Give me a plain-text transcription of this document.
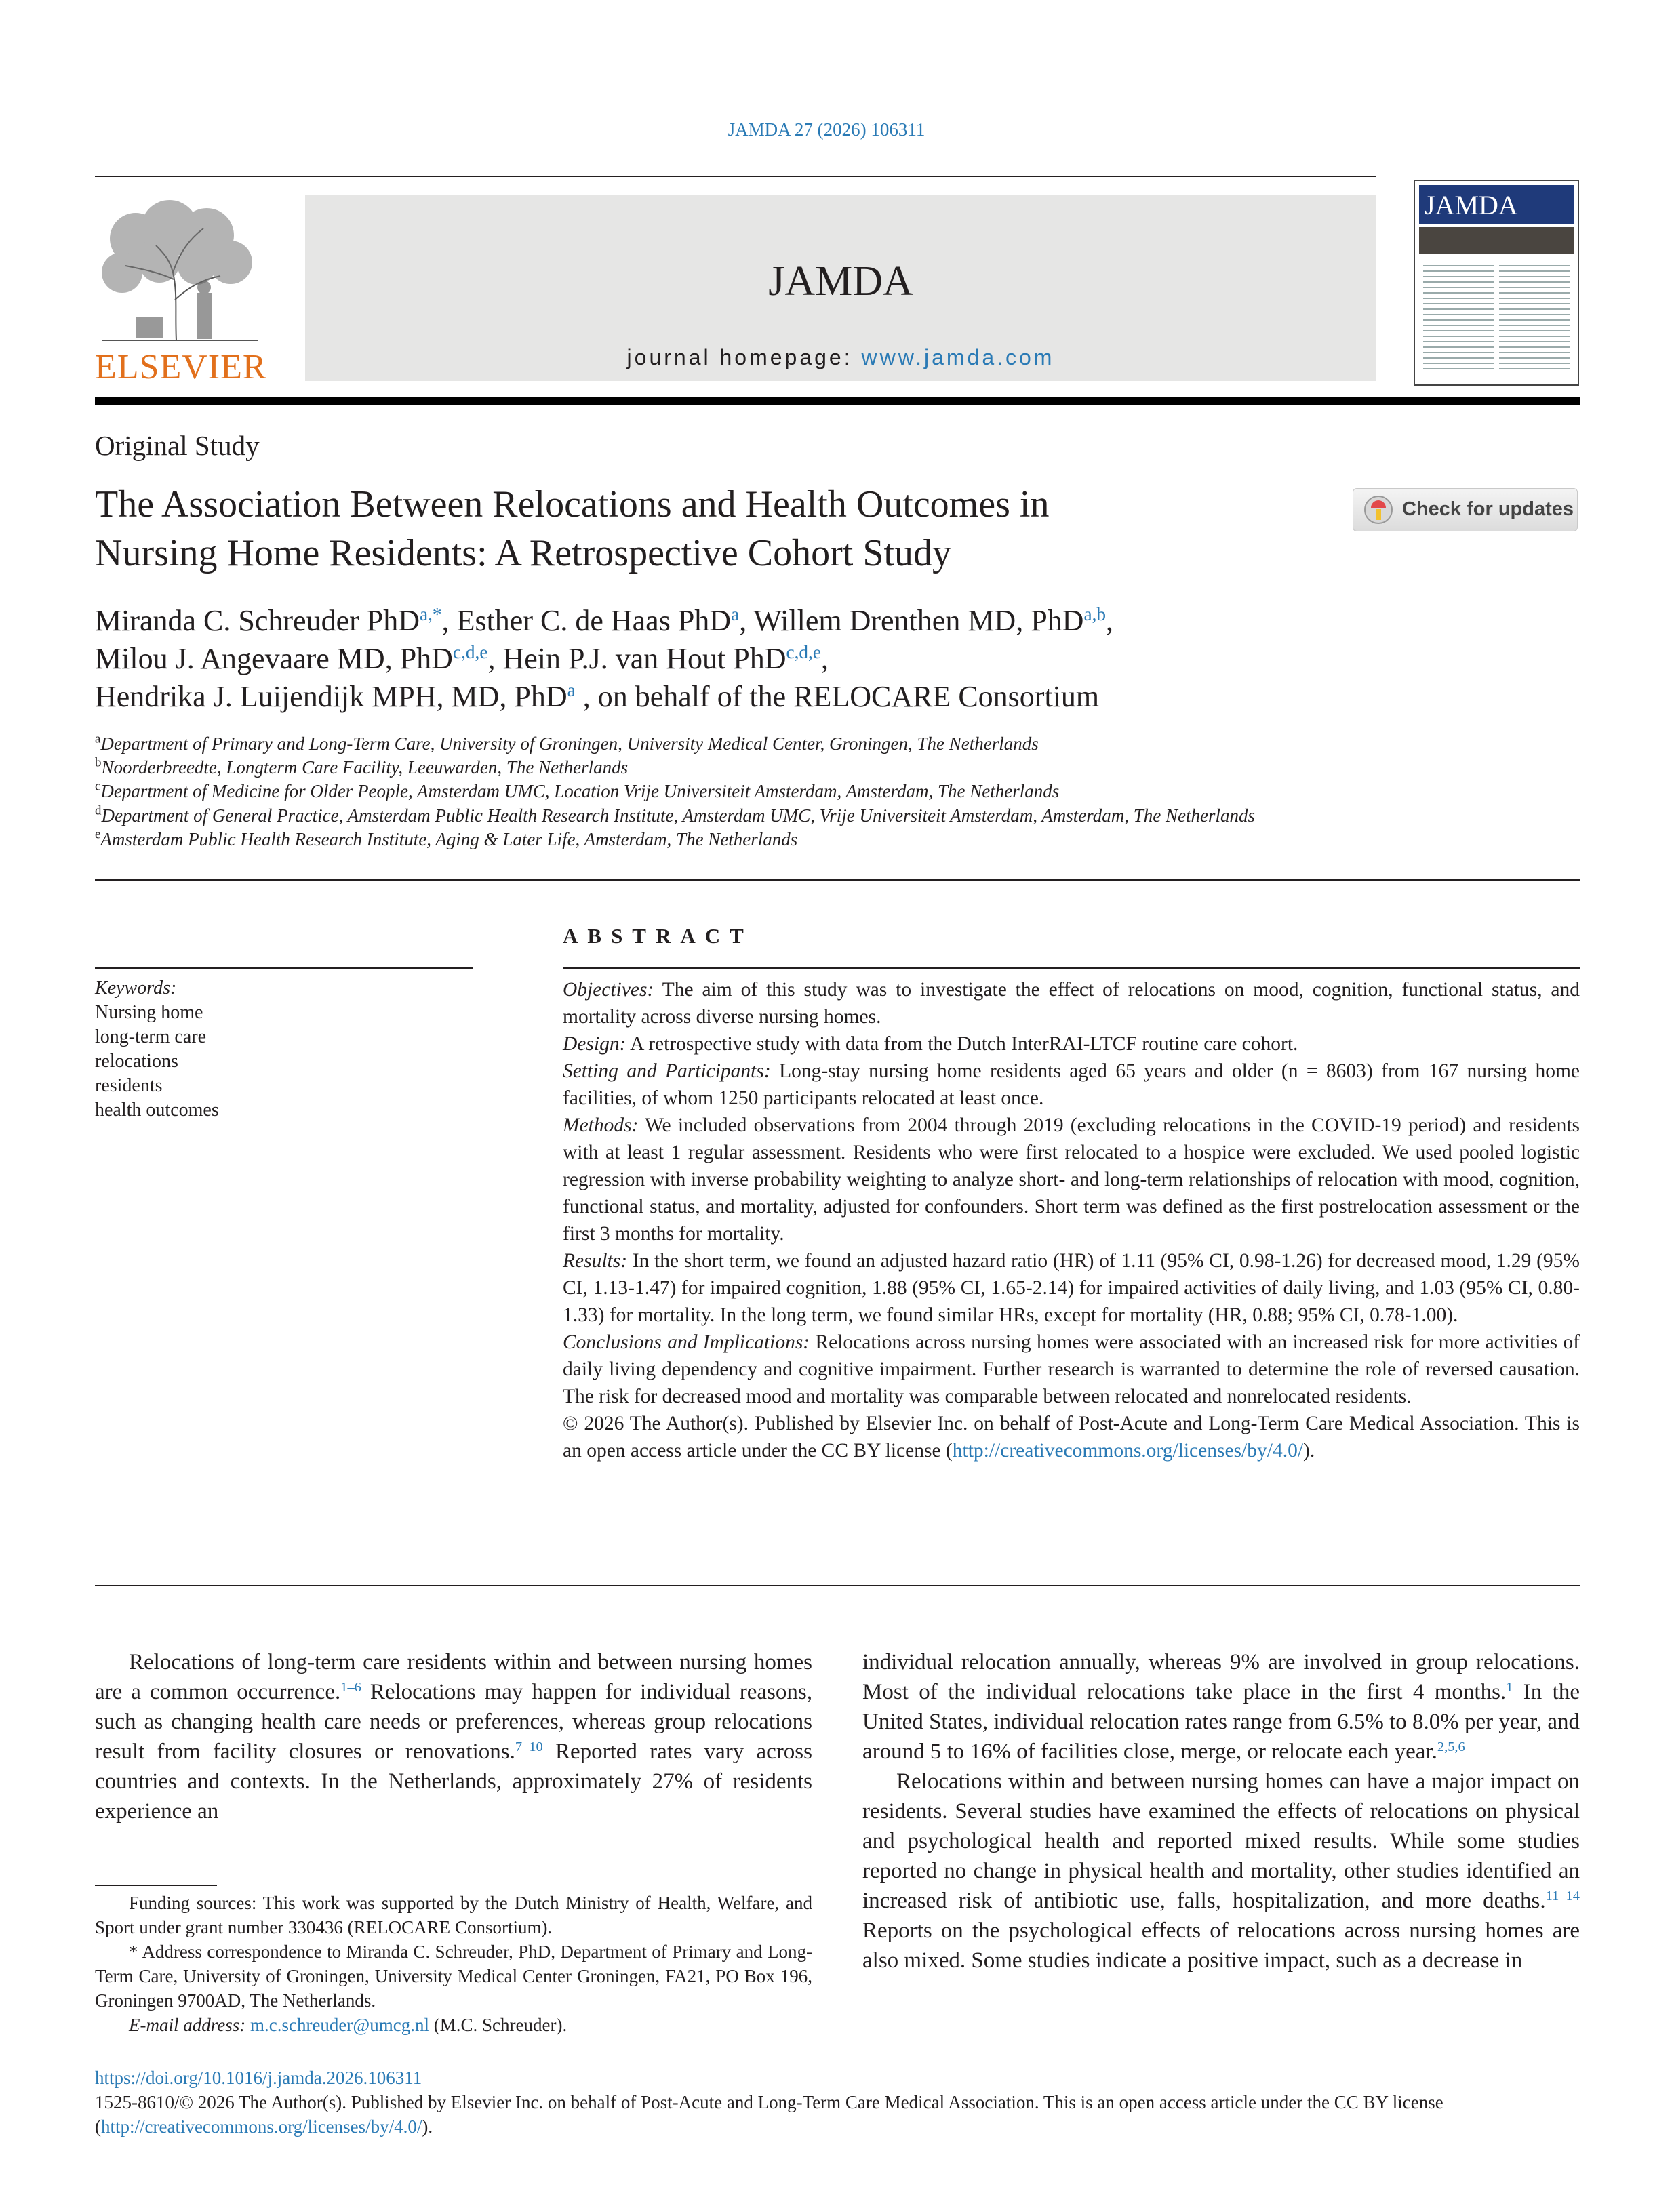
JAMDA 27 (2026) 106311
ELSEVIER
JAMDA
journal homepage: www.jamda.com
JAMDA
Original Study
The Association Between Relocations and Health Outcomes in
Nursing Home Residents: A Retrospective Cohort Study
Check for updates
Miranda C. Schreuder PhD$^{a,*}$, Esther C. de Haas PhD$^a$, Willem Drenthen MD, PhD$^{a,b}$,
Milou J. Angevaare MD, PhD$^{c,d,e}$, Hein P.J. van Hout PhD$^{c,d,e}$,
Hendrika J. Luijendijk MPH, MD, PhD$^a$ , on behalf of the RELOCARE Consortium
$^a$Department of Primary and Long-Term Care, University of Groningen, University Medical Center, Groningen, The Netherlands
$^b$Noorderbreedte, Longterm Care Facility, Leeuwarden, The Netherlands
$^c$Department of Medicine for Older People, Amsterdam UMC, Location Vrije Universiteit Amsterdam, Amsterdam, The Netherlands
$^d$Department of General Practice, Amsterdam Public Health Research Institute, Amsterdam UMC, Vrije Universiteit Amsterdam, Amsterdam, The Netherlands
$^e$Amsterdam Public Health Research Institute, Aging & Later Life, Amsterdam, The Netherlands
ABSTRACT
Keywords:
Nursing home
long-term care
relocations
residents
health outcomes
Objectives: The aim of this study was to investigate the effect of relocations on mood, cognition, functional status, and mortality across diverse nursing homes.
Design: A retrospective study with data from the Dutch InterRAI-LTCF routine care cohort.
Setting and Participants: Long-stay nursing home residents aged 65 years and older (n = 8603) from 167 nursing home facilities, of whom 1250 participants relocated at least once.
Methods: We included observations from 2004 through 2019 (excluding relocations in the COVID-19 period) and residents with at least 1 regular assessment. Residents who were first relocated to a hospice were excluded. We used pooled logistic regression with inverse probability weighting to analyze short- and long-term relationships of relocation with mood, cognition, functional status, and mortality, adjusted for confounders. Short term was defined as the first postrelocation assessment or the first 3 months for mortality.
Results: In the short term, we found an adjusted hazard ratio (HR) of 1.11 (95% CI, 0.98-1.26) for decreased mood, 1.29 (95% CI, 1.13-1.47) for impaired cognition, 1.88 (95% CI, 1.65-2.14) for impaired activities of daily living, and 1.03 (95% CI, 0.80-1.33) for mortality. In the long term, we found similar HRs, except for mortality (HR, 0.88; 95% CI, 0.78-1.00).
Conclusions and Implications: Relocations across nursing homes were associated with an increased risk for more activities of daily living dependency and cognitive impairment. Further research is warranted to determine the role of reversed causation. The risk for decreased mood and mortality was comparable between relocated and nonrelocated residents.
© 2026 The Author(s). Published by Elsevier Inc. on behalf of Post-Acute and Long-Term Care Medical Association. This is an open access article under the CC BY license (http://creativecommons.org/licenses/by/4.0/).

Relocations of long-term care residents within and between nursing homes are a common occurrence.$^{1-6}$ Relocations may happen for individual reasons, such as changing health care needs or preferences, whereas group relocations result from facility closures or renovations.$^{7-10}$ Reported rates vary across countries and contexts. In the Netherlands, approximately 27% of residents experience an

individual relocation annually, whereas 9% are involved in group relocations. Most of the individual relocations take place in the first 4 months.$^1$ In the United States, individual relocation rates range from 6.5% to 8.0% per year, and around 5 to 16% of facilities close, merge, or relocate each year.$^{2,5,6}$

Relocations within and between nursing homes can have a major impact on residents. Several studies have examined the effects of relocations on physical and psychological health and reported mixed results. While some studies reported no change in physical health and mortality, other studies identified an increased risk of antibiotic use, falls, hospitalization, and more deaths.$^{11-14}$ Reports on the psychological effects of relocations across nursing homes are also mixed. Some studies indicate a positive impact, such as a decrease in

Funding sources: This work was supported by the Dutch Ministry of Health, Welfare, and Sport under grant number 330436 (RELOCARE Consortium).
* Address correspondence to Miranda C. Schreuder, PhD, Department of Primary and Long-Term Care, University of Groningen, University Medical Center Groningen, FA21, PO Box 196, Groningen 9700AD, The Netherlands.
E-mail address: m.c.schreuder@umcg.nl (M.C. Schreuder).
https://doi.org/10.1016/j.jamda.2026.106311
1525-8610/© 2026 The Author(s). Published by Elsevier Inc. on behalf of Post-Acute and Long-Term Care Medical Association. This is an open access article under the CC BY license (http://creativecommons.org/licenses/by/4.0/).
